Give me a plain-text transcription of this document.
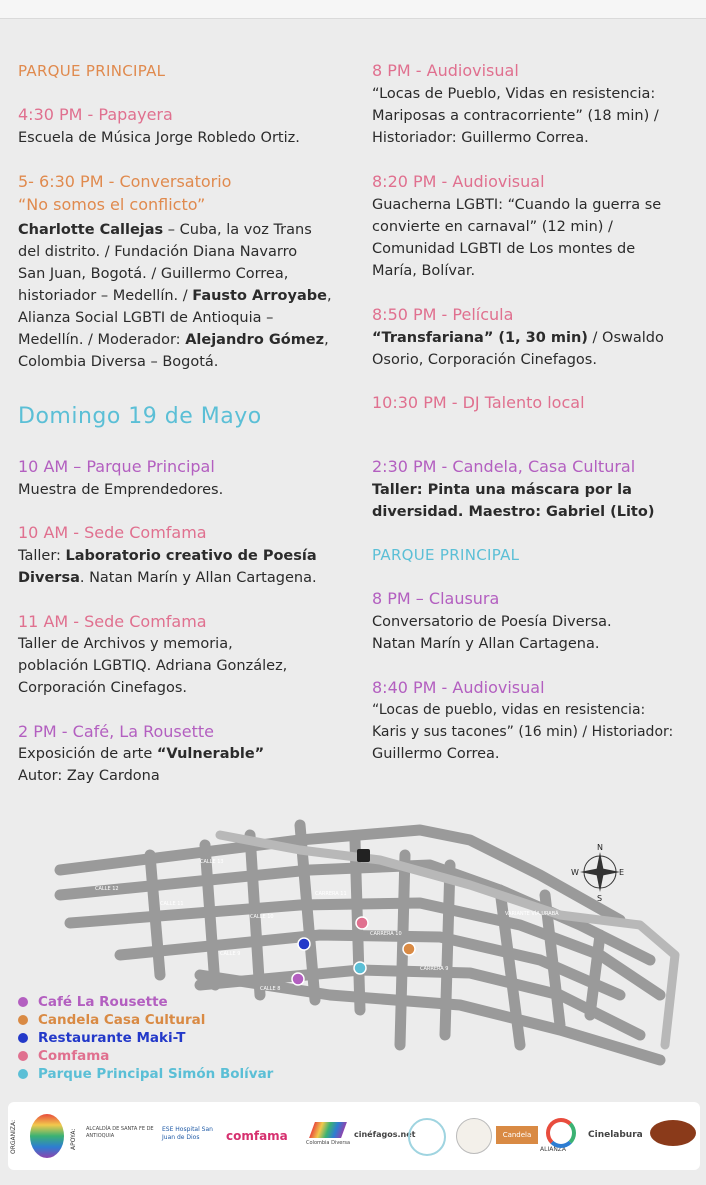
PARQUE PRINCIPAL

4:30 PM - Papayera

Escuela de Música Jorge Robledo Ortiz.

5- 6:30 PM - Conversatorio

“No somos el conflicto”

Charlotte Callejas – Cuba, la voz Trans

del distrito. / Fundación Diana Navarro

San Juan, Bogotá. / Guillermo Correa,

historiador – Medellín. / Fausto Arroyabe,

Alianza Social LGBTI de Antioquia –

Medellín. / Moderador: Alejandro Gómez,

Colombia Diversa – Bogotá.

Domingo 19 de Mayo

10 AM – Parque Principal

Muestra de Emprendedores.

10 AM - Sede Comfama

Taller: Laboratorio creativo de Poesía

Diversa. Natan Marín y Allan Cartagena.

11 AM - Sede Comfama

Taller de Archivos y memoria,

población LGBTIQ. Adriana González,

Corporación Cinefagos.

2 PM - Café, La Rousette

Exposición de arte “Vulnerable”

Autor: Zay Cardona

8 PM - Audiovisual

“Locas de Pueblo, Vidas en resistencia:

Mariposas a contracorriente” (18 min) /

Historiador: Guillermo Correa.

8:20 PM - Audiovisual

Guacherna LGBTI: “Cuando la guerra se

convierte en carnaval” (12 min) /

Comunidad LGBTI de Los montes de

María, Bolívar.

8:50 PM - Película

“Transfariana” (1, 30 min) / Oswaldo

Osorio, Corporación Cinefagos.

10:30 PM - DJ Talento local

2:30 PM - Candela, Casa Cultural

Taller: Pinta una máscara por la

diversidad. Maestro: Gabriel (Lito)

PARQUE PRINCIPAL

8 PM – Clausura

Conversatorio de Poesía Diversa.

Natan Marín y Allan Cartagena.

8:40 PM - Audiovisual

“Locas de pueblo, vidas en resistencia:

Karis y sus tacones” (16 min) / Historiador:

Guillermo Correa.

CALLE 13
CALLE 12
CALLE 11
CALLE 10
CALLE 9
CALLE 8
CARRERA 11
CARRERA 10
CARRERA 9
VARIANTE VÍA URABÁ
N
S
E
W
Café La Rousette
Candela Casa Cultural
Restaurante Maki-T
Comfama
Parque Principal Simón Bolívar
ORGANIZA:	APOYA: ALCALDÍA DE SANTA FE DE ANTIOQUIA
ESE Hospital San Juan de Dios	comfama	Colombia Diversa
cinéfagos.net	Candela
ALIANZA
Cinelabura
